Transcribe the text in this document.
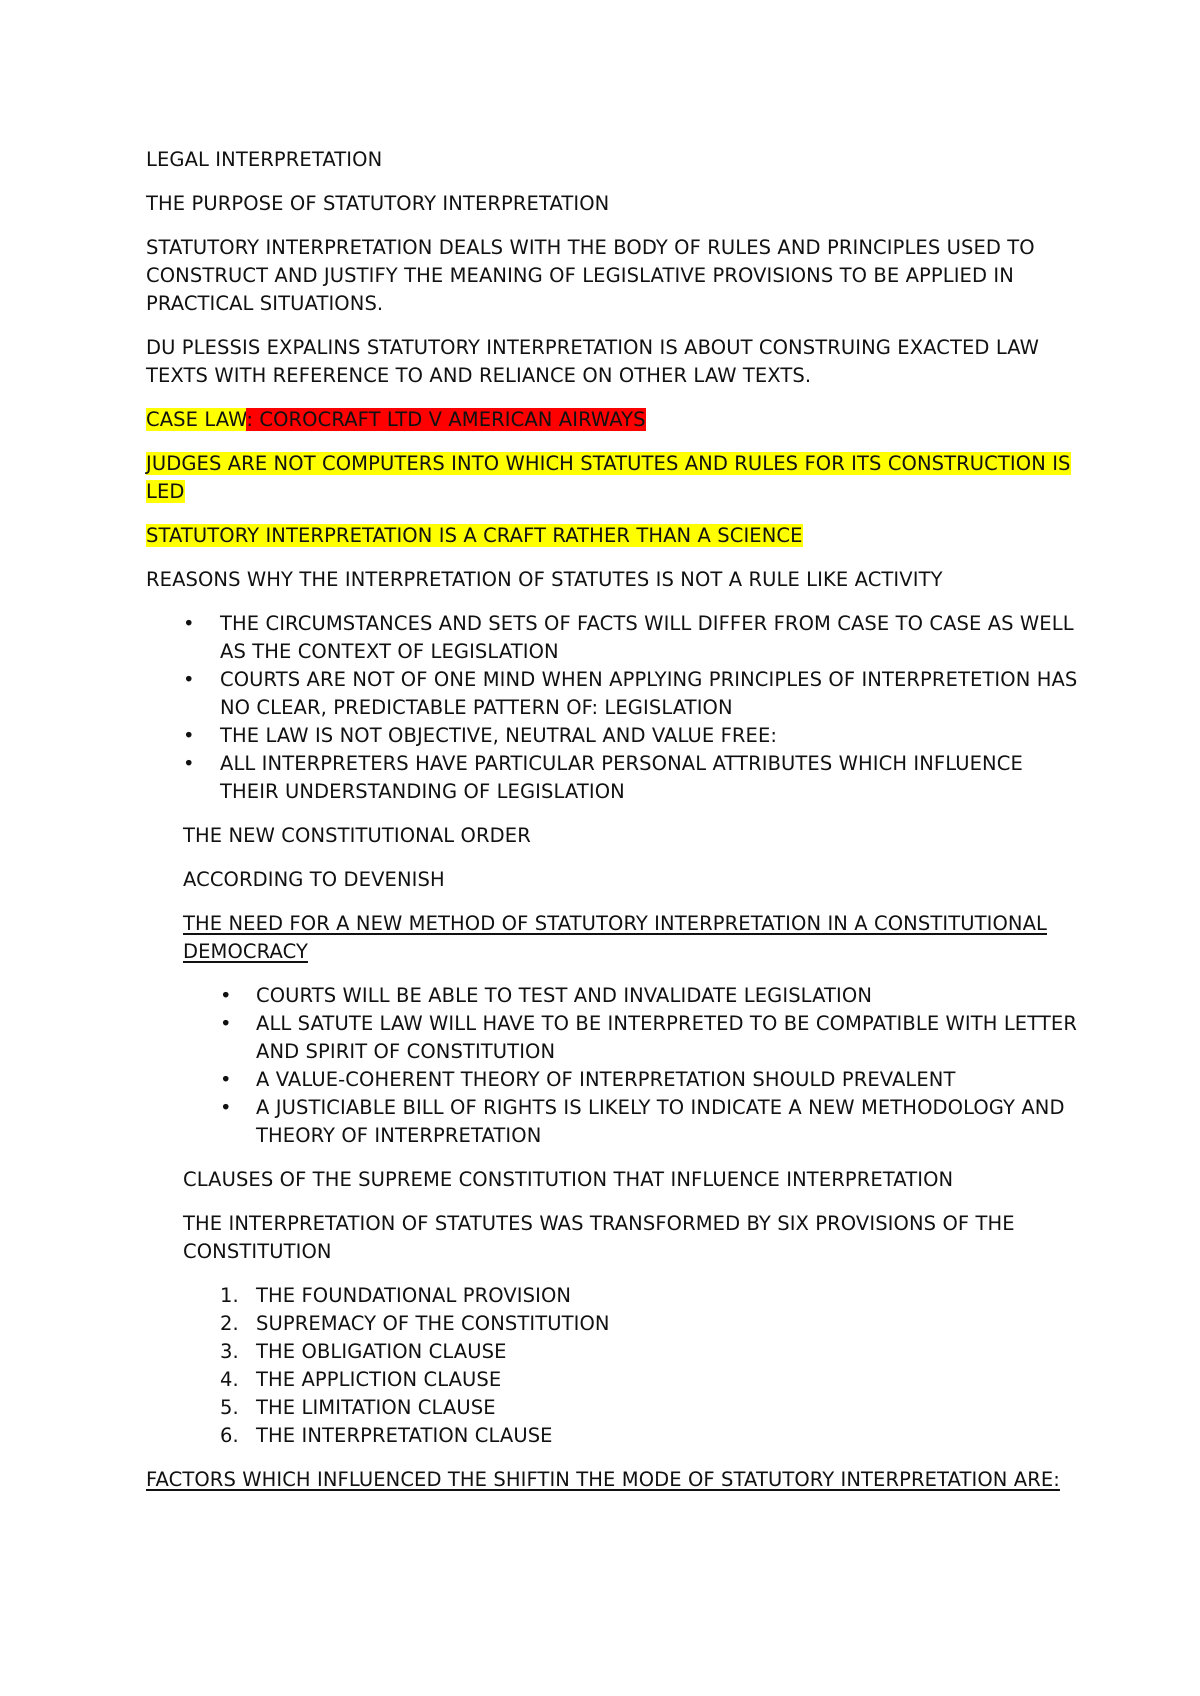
LEGAL INTERPRETATION

THE PURPOSE OF STATUTORY INTERPRETATION

STATUTORY INTERPRETATION DEALS WITH THE BODY OF RULES AND PRINCIPLES USED TO CONSTRUCT AND JUSTIFY THE MEANING OF LEGISLATIVE PROVISIONS TO BE APPLIED IN PRACTICAL SITUATIONS.

DU PLESSIS EXPALINS STATUTORY INTERPRETATION IS ABOUT CONSTRUING EXACTED LAW TEXTS WITH REFERENCE TO AND RELIANCE ON OTHER LAW TEXTS.

CASE LAW: COROCRAFT LTD V AMERICAN AIRWAYS

JUDGES ARE NOT COMPUTERS INTO WHICH STATUTES AND RULES FOR ITS CONSTRUCTION IS LED

STATUTORY INTERPRETATION IS A CRAFT RATHER THAN A SCIENCE

REASONS WHY THE INTERPRETATION OF STATUTES IS NOT A RULE LIKE ACTIVITY

• THE CIRCUMSTANCES AND SETS OF FACTS WILL DIFFER FROM CASE TO CASE AS WELL AS THE CONTEXT OF LEGISLATION
• COURTS ARE NOT OF ONE MIND WHEN APPLYING PRINCIPLES OF INTERPRETETION HAS NO CLEAR, PREDICTABLE PATTERN OF: LEGISLATION
• THE LAW IS NOT OBJECTIVE, NEUTRAL AND VALUE FREE:
• ALL INTERPRETERS HAVE PARTICULAR PERSONAL ATTRIBUTES WHICH INFLUENCE THEIR UNDERSTANDING OF LEGISLATION

THE NEW CONSTITUTIONAL ORDER

ACCORDING TO DEVENISH

THE NEED FOR A NEW METHOD OF STATUTORY INTERPRETATION IN A CONSTITUTIONAL DEMOCRACY

• COURTS WILL BE ABLE TO TEST AND INVALIDATE LEGISLATION
• ALL SATUTE LAW WILL HAVE TO BE INTERPRETED TO BE COMPATIBLE WITH LETTER AND SPIRIT OF CONSTITUTION
• A VALUE-COHERENT THEORY OF INTERPRETATION SHOULD PREVALENT
• A JUSTICIABLE BILL OF RIGHTS IS LIKELY TO INDICATE A NEW METHODOLOGY AND THEORY OF INTERPRETATION

CLAUSES OF THE SUPREME CONSTITUTION THAT INFLUENCE INTERPRETATION

THE INTERPRETATION OF STATUTES WAS TRANSFORMED BY SIX PROVISIONS OF THE CONSTITUTION

1. THE FOUNDATIONAL PROVISION
2. SUPREMACY OF THE CONSTITUTION
3. THE OBLIGATION CLAUSE
4. THE APPLICTION CLAUSE
5. THE LIMITATION CLAUSE
6. THE INTERPRETATION CLAUSE

FACTORS WHICH INFLUENCED THE SHIFTIN THE MODE OF STATUTORY INTERPRETATION ARE:
